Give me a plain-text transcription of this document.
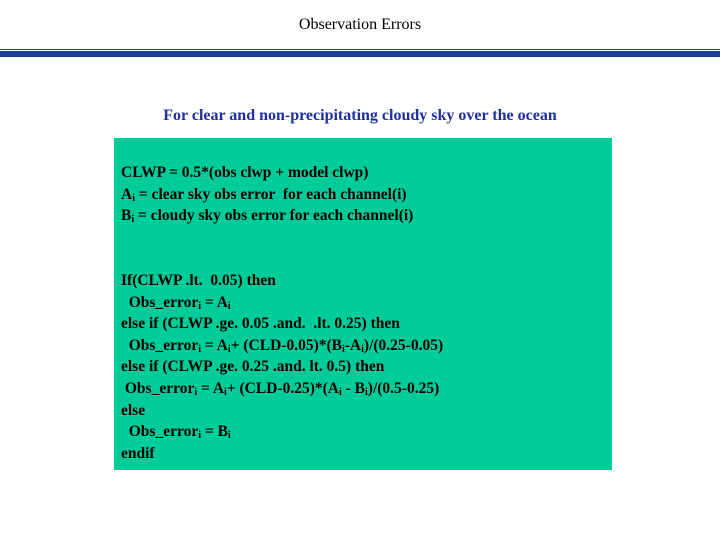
Observation Errors
For clear and non-precipitating cloudy sky over the ocean
CLWP = 0.5*(obs clwp + model clwp)
$A_i$ = clear sky obs error  for each channel(i)
$B_i$ = cloudy sky obs error for each channel(i)
If(CLWP .lt.  0.05) then
Obs_error$_i$ = $A_i$
else if (CLWP .ge. 0.05 .and.  .lt. 0.25) then
Obs_error$_i$ = $A_i+ (CLD-0.05)*(B_i-A_i)/(0.25-0.05)$
else if (CLWP .ge. 0.25 .and. lt. 0.5) then
Obs_error$_i$ = $A_i+ (CLD-0.25)*(A_i - B_i)/(0.5-0.25)$
else
Obs_error$_i$ = $B_i$
endif
